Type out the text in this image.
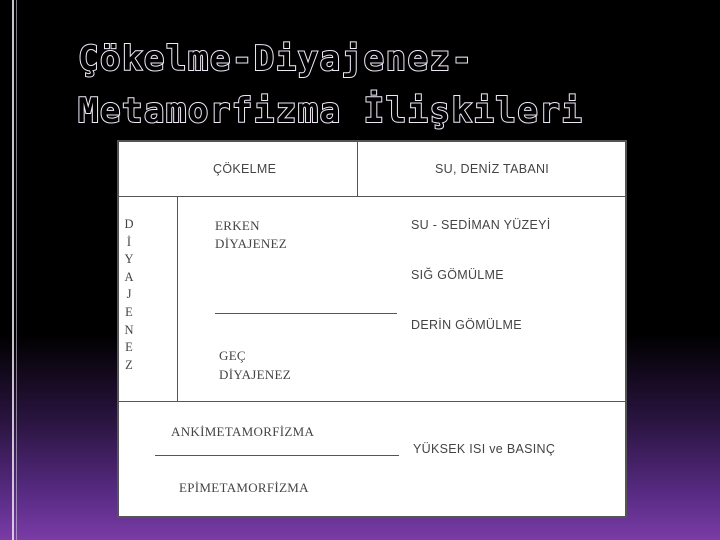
Çökelme-Diyajenez-
Metamorfizma İlişkileri
ÇÖKELME	SU, DENİZ TABANI
D
İ
Y
A
J
E
N
E
Z
ERKEN
DİYAJENEZ
GEÇ
DİYAJENEZ
SU - SEDİMAN YÜZEYİ
SIĞ GÖMÜLME
DERİN GÖMÜLME
ANKİMETAMORFİZMA
EPİMETAMORFİZMA
YÜKSEK ISI ve BASINÇ
